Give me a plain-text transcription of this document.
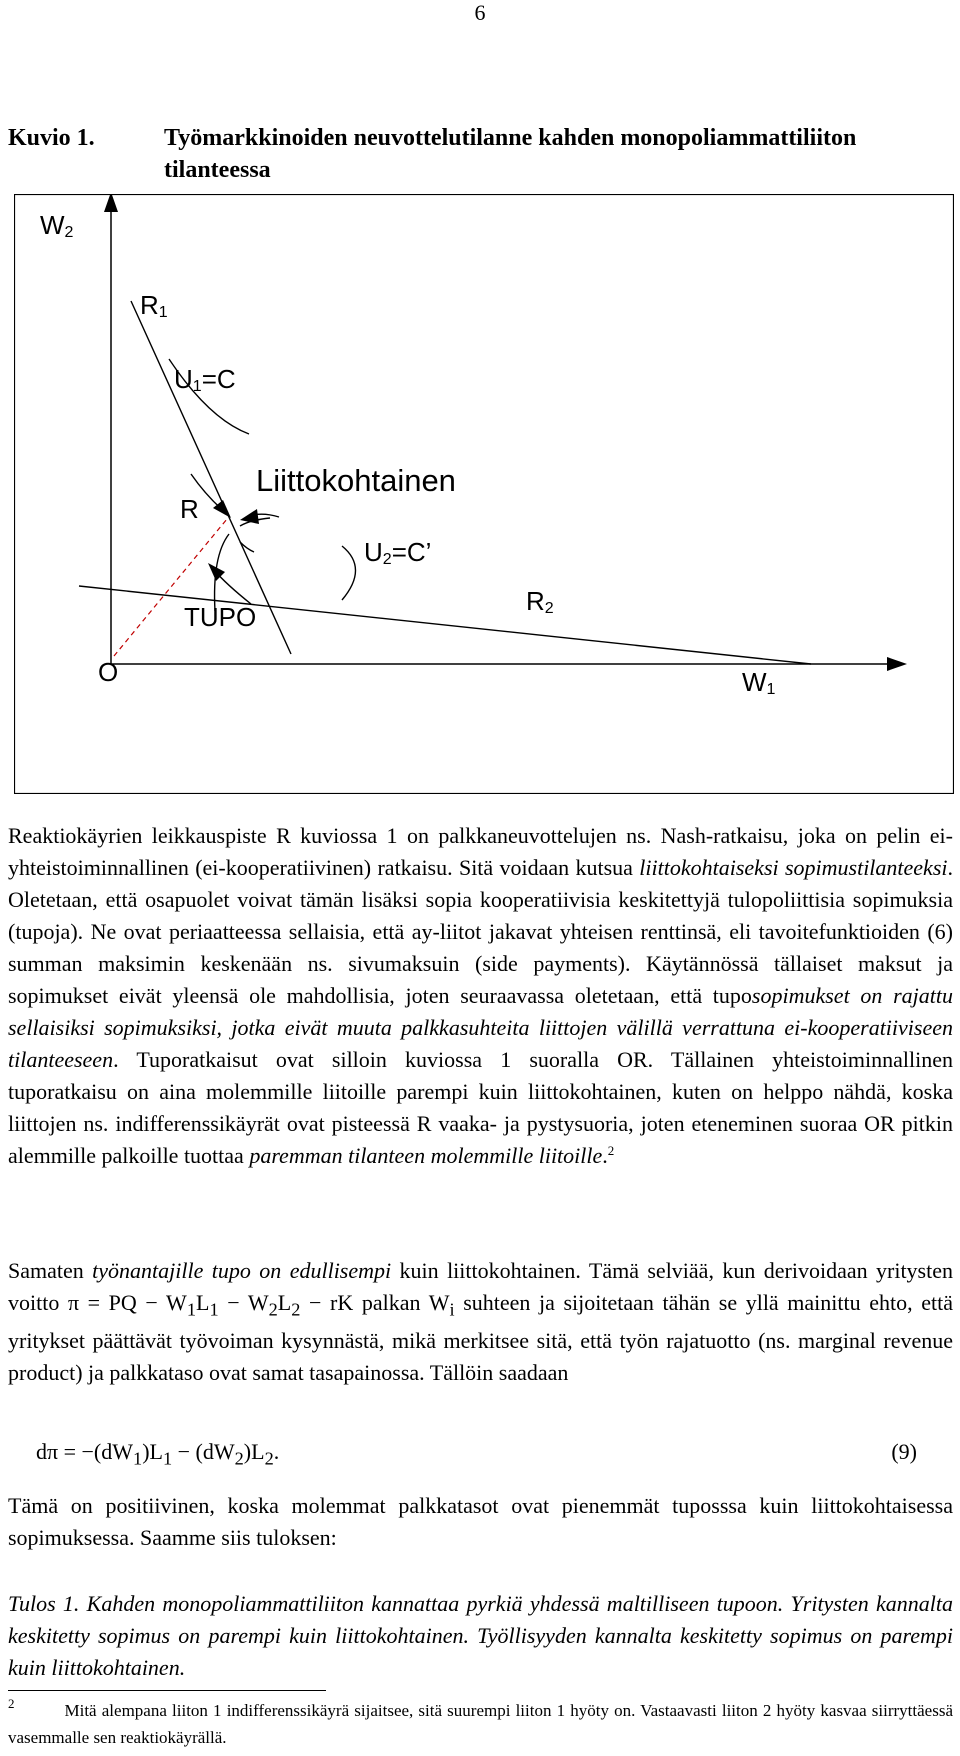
6
Kuvio 1.	Työmarkkinoiden neuvottelutilanne kahden monopoliammattiliiton
tilanteessa
$W_2$
$R_1$
$U_1=C$
Liittokohtainen
R
$U_2=C$’
TUPO
$R_2$
O	$W_1$

Reaktiokäyrien leikkauspiste R kuviossa 1 on palkkaneuvottelujen ns. Nash-ratkaisu, joka on pelin ei-yhteistoiminnallinen (ei-kooperatiivinen) ratkaisu. Sitä voidaan kutsua liittokohtaiseksi sopimustilanteeksi. Oletetaan, että osapuolet voivat tämän lisäksi sopia kooperatiivisia keskitettyjä tulopoliittisia sopimuksia (tupoja). Ne ovat periaatteessa sellaisia, että ay-liitot jakavat yhteisen renttinsä, eli tavoitefunktioiden (6) summan maksimin keskenään ns. sivumaksuin (side payments). Käytännössä tällaiset maksut ja sopimukset eivät yleensä ole mahdollisia, joten seuraavassa oletetaan, että tuposopimukset on rajattu sellaisiksi sopimuksiksi, jotka eivät muuta palkkasuhteita liittojen välillä verrattuna ei-kooperatiiviseen tilanteeseen. Tuporatkaisut ovat silloin kuviossa 1 suoralla OR. Tällainen yhteistoiminnallinen tuporatkaisu on aina molemmille liitoille parempi kuin liittokohtainen, kuten on helppo nähdä, koska liittojen ns. indifferenssikäyrät ovat pisteessä R vaaka- ja pystysuoria, joten eteneminen suoraa OR pitkin alemmille palkoille tuottaa paremman tilanteen molemmille liitoille.$^2$

Samaten työnantajille tupo on edullisempi kuin liittokohtainen. Tämä selviää, kun derivoidaan yritysten voitto π = PQ − $W_1L_1 - W_2L_2$ − rK palkan $W_i$ suhteen ja sijoitetaan tähän se yllä mainittu ehto, että yritykset päättävät työvoiman kysynnästä, mikä merkitsee sitä, että työn rajatuotto (ns. marginal revenue product) ja palkkataso ovat samat tasapainossa. Tällöin saadaan

$d\pi = -(dW_1)L_1 - (dW_2)L_2$.	(9)

Tämä on positiivinen, koska molemmat palkkatasot ovat pienemmät tuposssa kuin liittokohtaisessa sopimuksessa. Saamme siis tuloksen:

Tulos 1. Kahden monopoliammattiliiton kannattaa pyrkiä yhdessä maltilliseen tupoon. Yritysten kannalta keskitetty sopimus on parempi kuin liittokohtainen. Työllisyyden kannalta keskitetty sopimus on parempi kuin liittokohtainen.

$^2$	Mitä alempana liiton 1 indifferenssikäyrä sijaitsee, sitä suurempi liiton 1 hyöty on. Vastaavasti liiton 2 hyöty kasvaa siirryttäessä vasemmalle sen reaktiokäyrällä.
